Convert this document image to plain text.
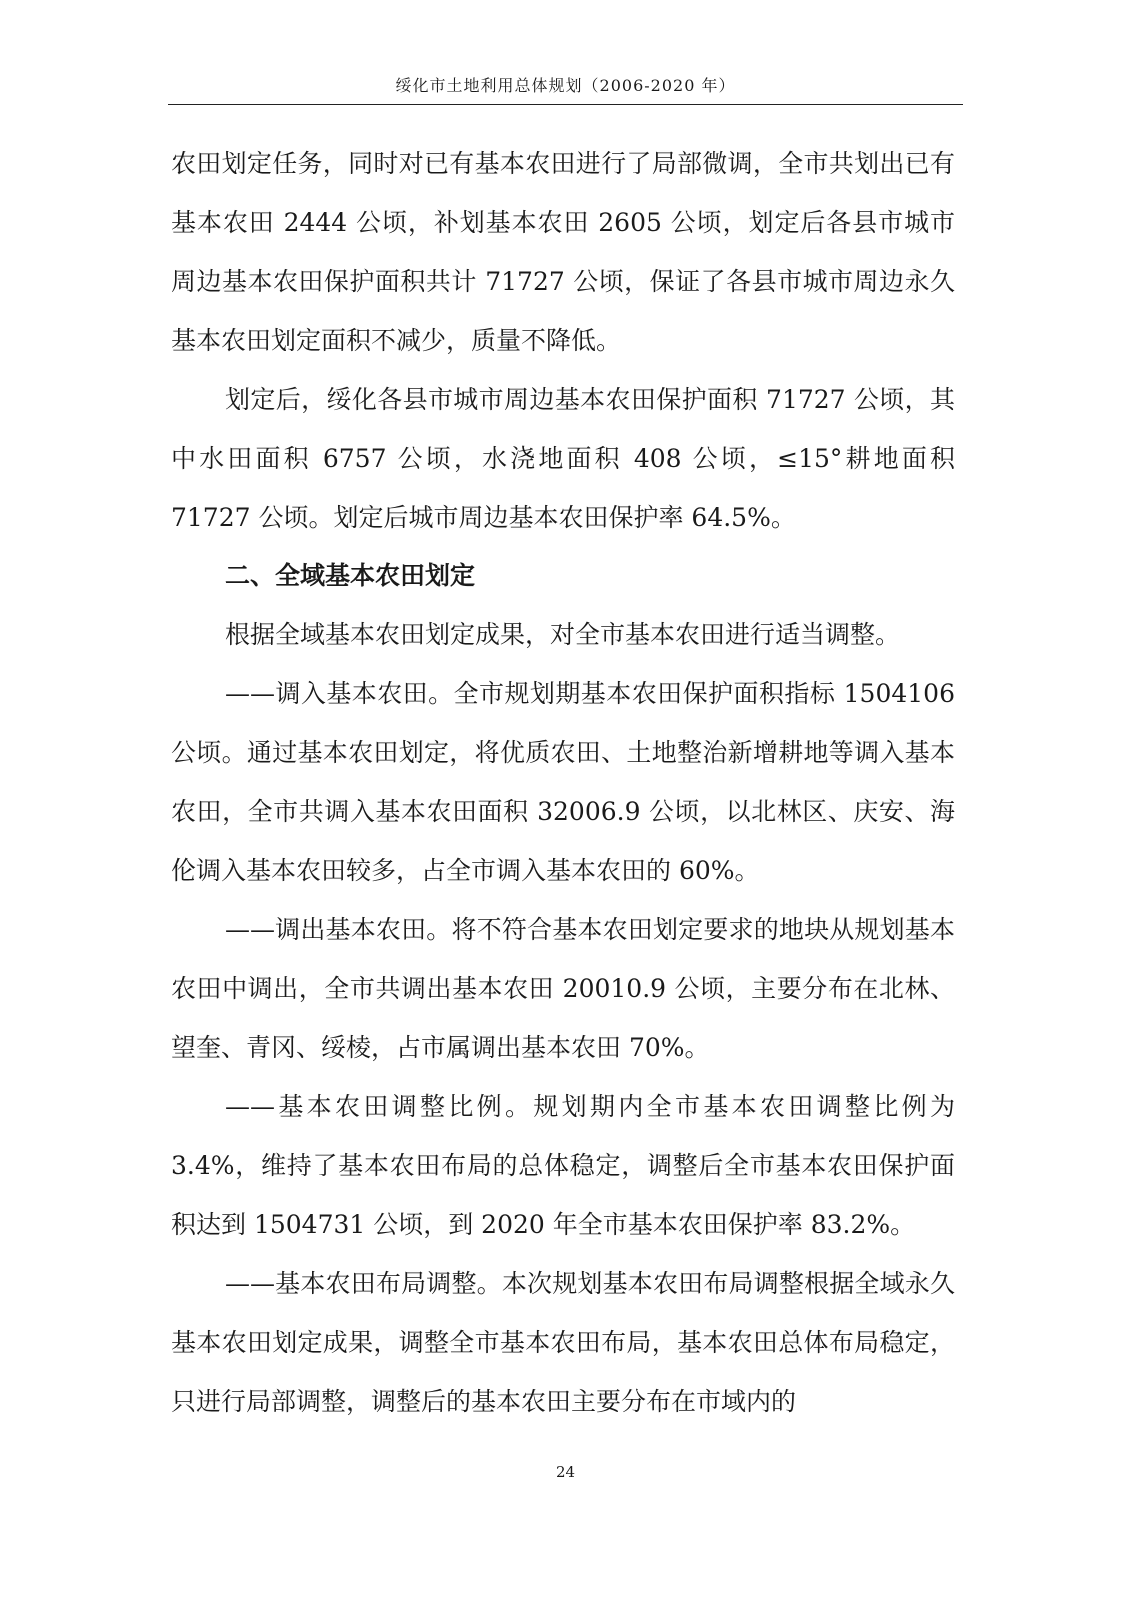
绥化市土地利用总体规划（2006-2020 年）

农田划定任务，同时对已有基本农田进行了局部微调，全市共划出已有基本农田 2444 公顷，补划基本农田 2605 公顷，划定后各县市城市周边基本农田保护面积共计 71727 公顷，保证了各县市城市周边永久基本农田划定面积不减少，质量不降低。

划定后，绥化各县市城市周边基本农田保护面积 71727 公顷，其中水田面积 6757 公顷，水浇地面积 408 公顷，≤15°耕地面积 71727 公顷。划定后城市周边基本农田保护率 64.5%。

二、全域基本农田划定

根据全域基本农田划定成果，对全市基本农田进行适当调整。

——调入基本农田。全市规划期基本农田保护面积指标 1504106 公顷。通过基本农田划定，将优质农田、土地整治新增耕地等调入基本农田，全市共调入基本农田面积 32006.9 公顷，以北林区、庆安、海伦调入基本农田较多，占全市调入基本农田的 60%。

——调出基本农田。将不符合基本农田划定要求的地块从规划基本农田中调出，全市共调出基本农田 20010.9 公顷，主要分布在北林、望奎、青冈、绥棱，占市属调出基本农田 70%。

——基本农田调整比例。规划期内全市基本农田调整比例为 3.4%，维持了基本农田布局的总体稳定，调整后全市基本农田保护面积达到 1504731 公顷，到 2020 年全市基本农田保护率 83.2%。

——基本农田布局调整。本次规划基本农田布局调整根据全域永久基本农田划定成果，调整全市基本农田布局，基本农田总体布局稳定，只进行局部调整，调整后的基本农田主要分布在市域内的

24
